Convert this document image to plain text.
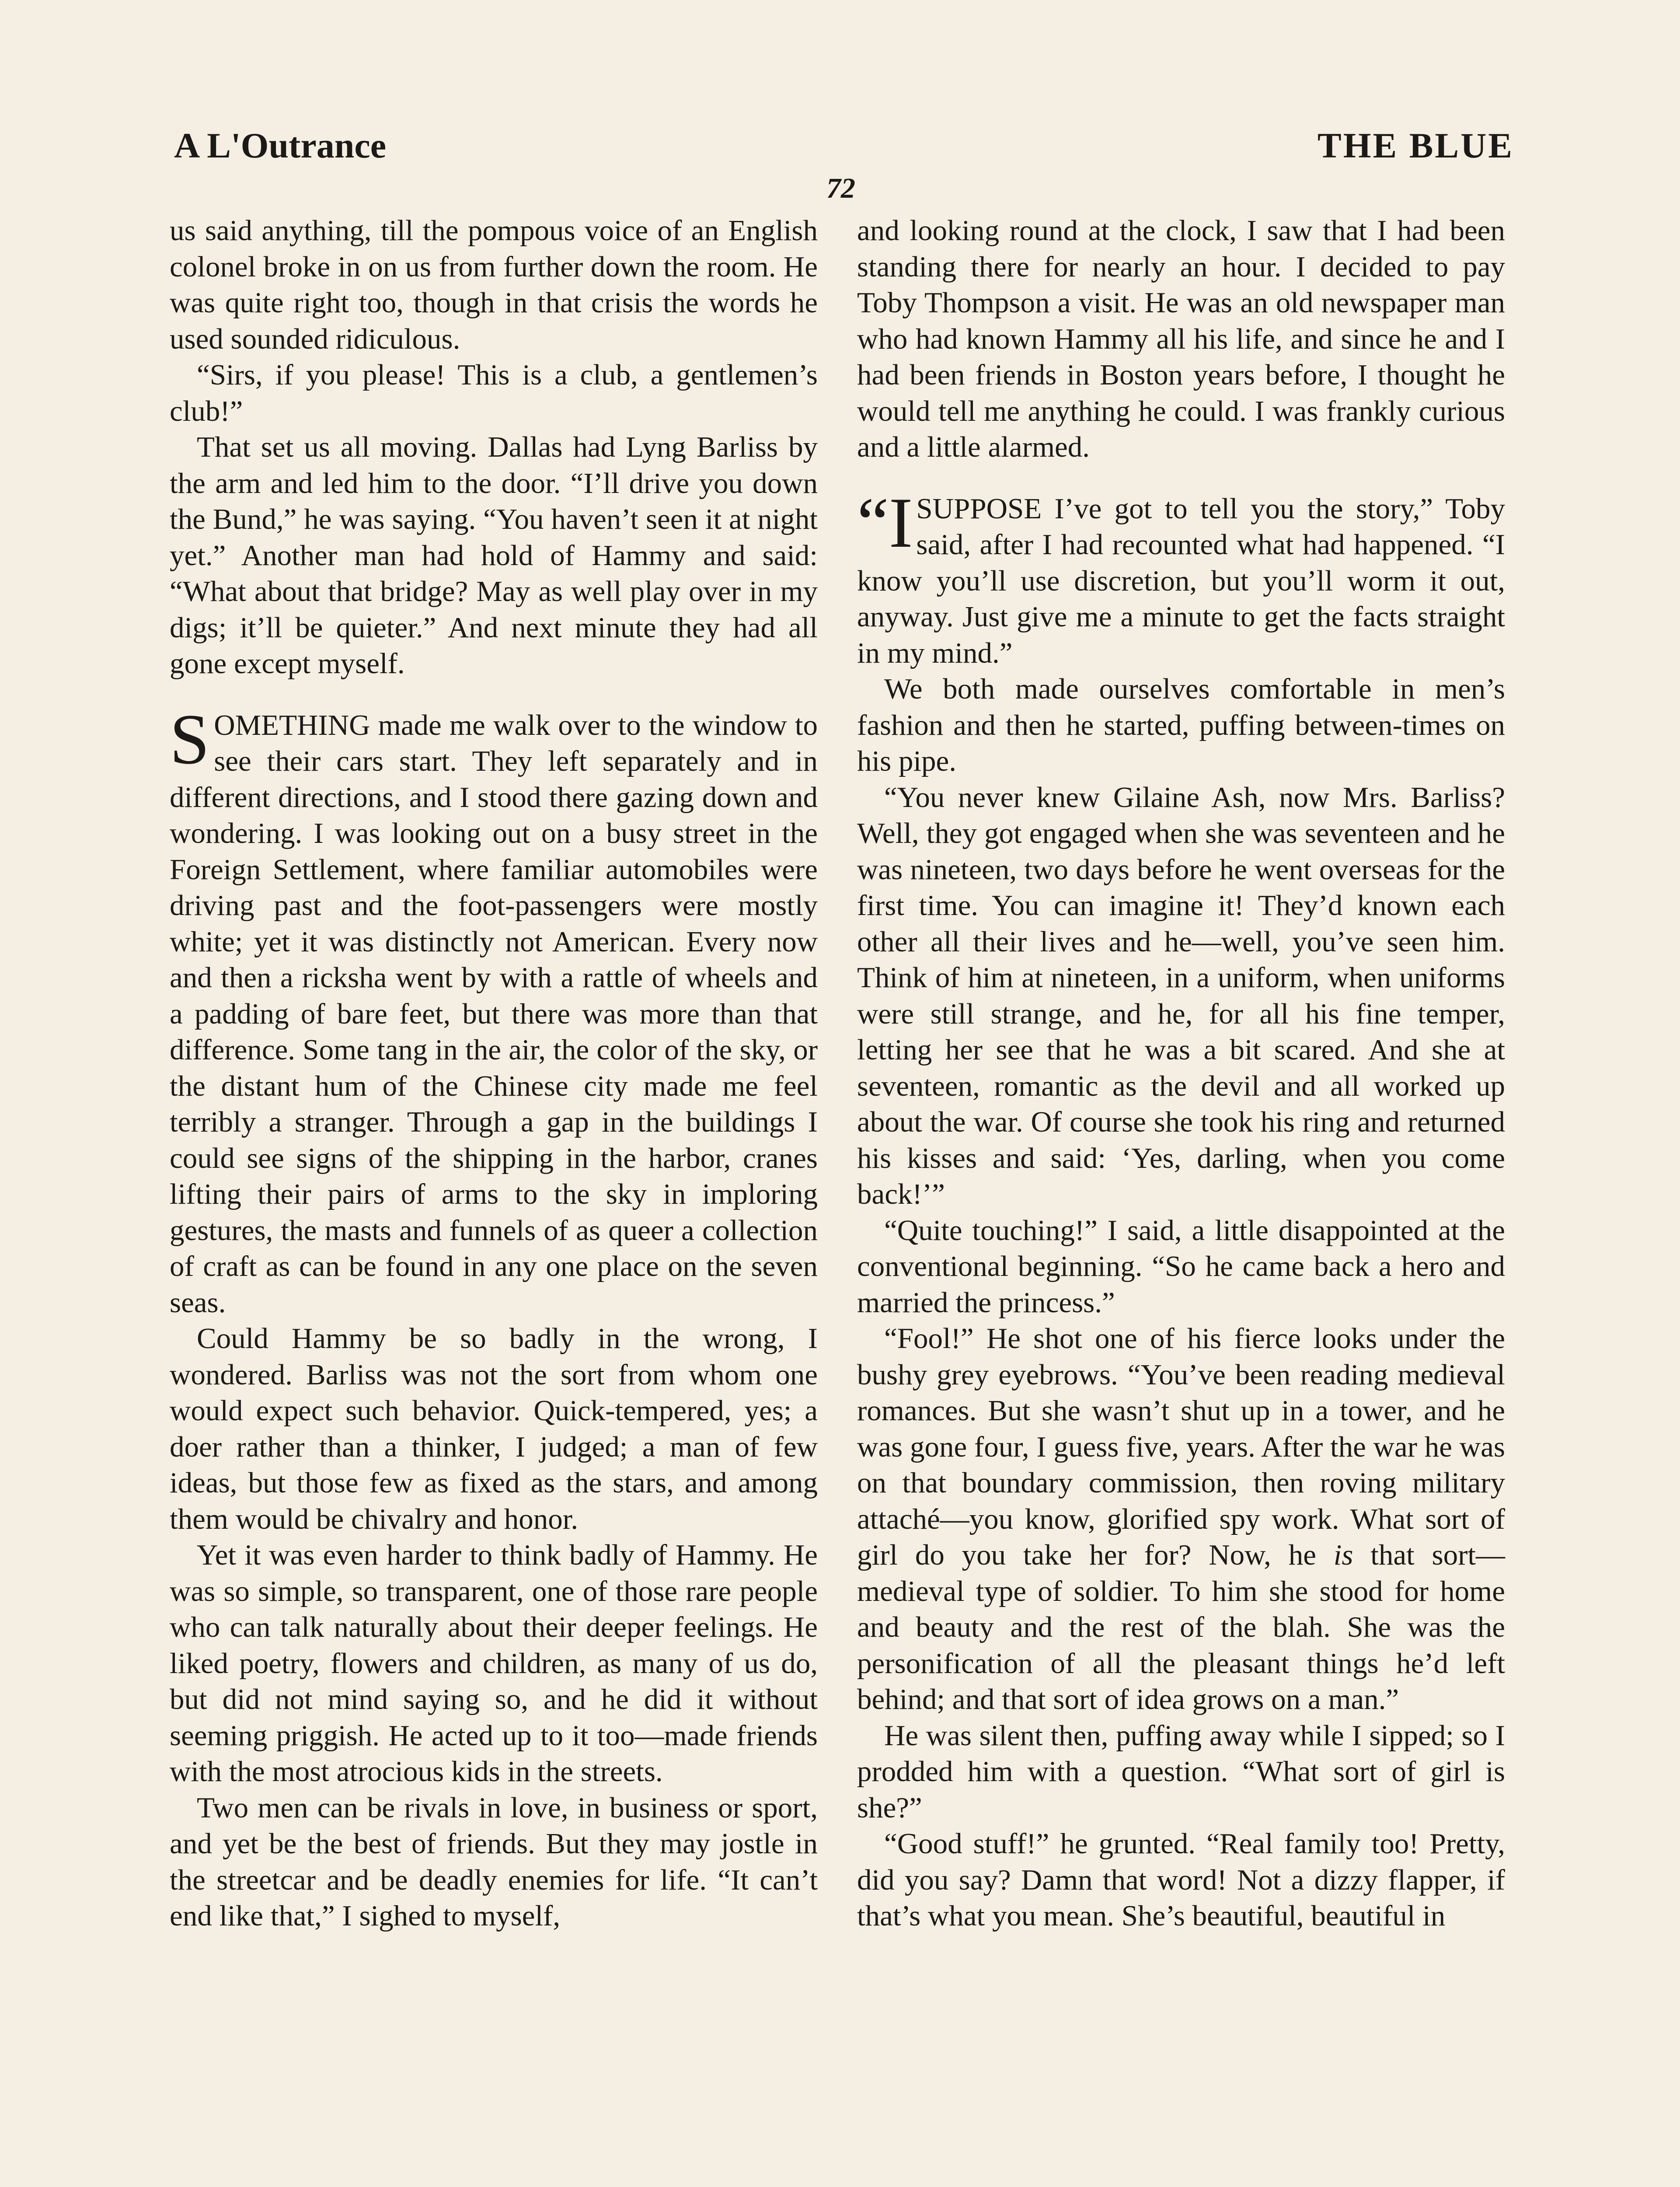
A L'Outrance	THE BLUE
72

us said anything, till the pompous voice of an English colonel broke in on us from further down the room. He was quite right too, though in that crisis the words he used sounded ridiculous.

“Sirs, if you please! This is a club, a gentlemen’s club!”

That set us all moving. Dallas had Lyng Barliss by the arm and led him to the door. “I’ll drive you down the Bund,” he was saying. “You haven’t seen it at night yet.” Another man had hold of Hammy and said: “What about that bridge? May as well play over in my digs; it’ll be quieter.” And next minute they had all gone except myself.

SOMETHING made me walk over to the window to see their cars start. They left separately and in different directions, and I stood there gazing down and wondering. I was looking out on a busy street in the Foreign Settlement, where familiar automobiles were driving past and the foot-passengers were mostly white; yet it was distinctly not American. Every now and then a ricksha went by with a rattle of wheels and a padding of bare feet, but there was more than that difference. Some tang in the air, the color of the sky, or the distant hum of the Chinese city made me feel terribly a stranger. Through a gap in the buildings I could see signs of the shipping in the harbor, cranes lifting their pairs of arms to the sky in imploring gestures, the masts and funnels of as queer a collection of craft as can be found in any one place on the seven seas.

Could Hammy be so badly in the wrong, I wondered. Barliss was not the sort from whom one would expect such behavior. Quick-tempered, yes; a doer rather than a thinker, I judged; a man of few ideas, but those few as fixed as the stars, and among them would be chivalry and honor.

Yet it was even harder to think badly of Hammy. He was so simple, so transparent, one of those rare people who can talk naturally about their deeper feelings. He liked poetry, flowers and children, as many of us do, but did not mind saying so, and he did it without seeming priggish. He acted up to it too—made friends with the most atrocious kids in the streets.

Two men can be rivals in love, in business or sport, and yet be the best of friends. But they may jostle in the streetcar and be deadly enemies for life. “It can’t end like that,” I sighed to myself,

and looking round at the clock, I saw that I had been standing there for nearly an hour. I decided to pay Toby Thompson a visit. He was an old newspaper man who had known Hammy all his life, and since he and I had been friends in Boston years before, I thought he would tell me anything he could. I was frankly curious and a little alarmed.

“I SUPPOSE I’ve got to tell you the story,” Toby said, after I had recounted what had happened. “I know you’ll use discretion, but you’ll worm it out, anyway. Just give me a minute to get the facts straight in my mind.”

We both made ourselves comfortable in men’s fashion and then he started, puffing between-times on his pipe.

“You never knew Gilaine Ash, now Mrs. Barliss? Well, they got engaged when she was seventeen and he was nineteen, two days before he went overseas for the first time. You can imagine it! They’d known each other all their lives and he—well, you’ve seen him. Think of him at nineteen, in a uniform, when uniforms were still strange, and he, for all his fine temper, letting her see that he was a bit scared. And she at seventeen, romantic as the devil and all worked up about the war. Of course she took his ring and returned his kisses and said: ‘Yes, darling, when you come back!’”

“Quite touching!” I said, a little disappointed at the conventional beginning. “So he came back a hero and married the princess.”

“Fool!” He shot one of his fierce looks under the bushy grey eyebrows. “You’ve been reading medieval romances. But she wasn’t shut up in a tower, and he was gone four, I guess five, years. After the war he was on that boundary commission, then roving military attaché—you know, glorified spy work. What sort of girl do you take her for? Now, he is that sort—medieval type of soldier. To him she stood for home and beauty and the rest of the blah. She was the personification of all the pleasant things he’d left behind; and that sort of idea grows on a man.”

He was silent then, puffing away while I sipped; so I prodded him with a question. “What sort of girl is she?”

“Good stuff!” he grunted. “Real family too! Pretty, did you say? Damn that word! Not a dizzy flapper, if that’s what you mean. She’s beautiful, beautiful in
